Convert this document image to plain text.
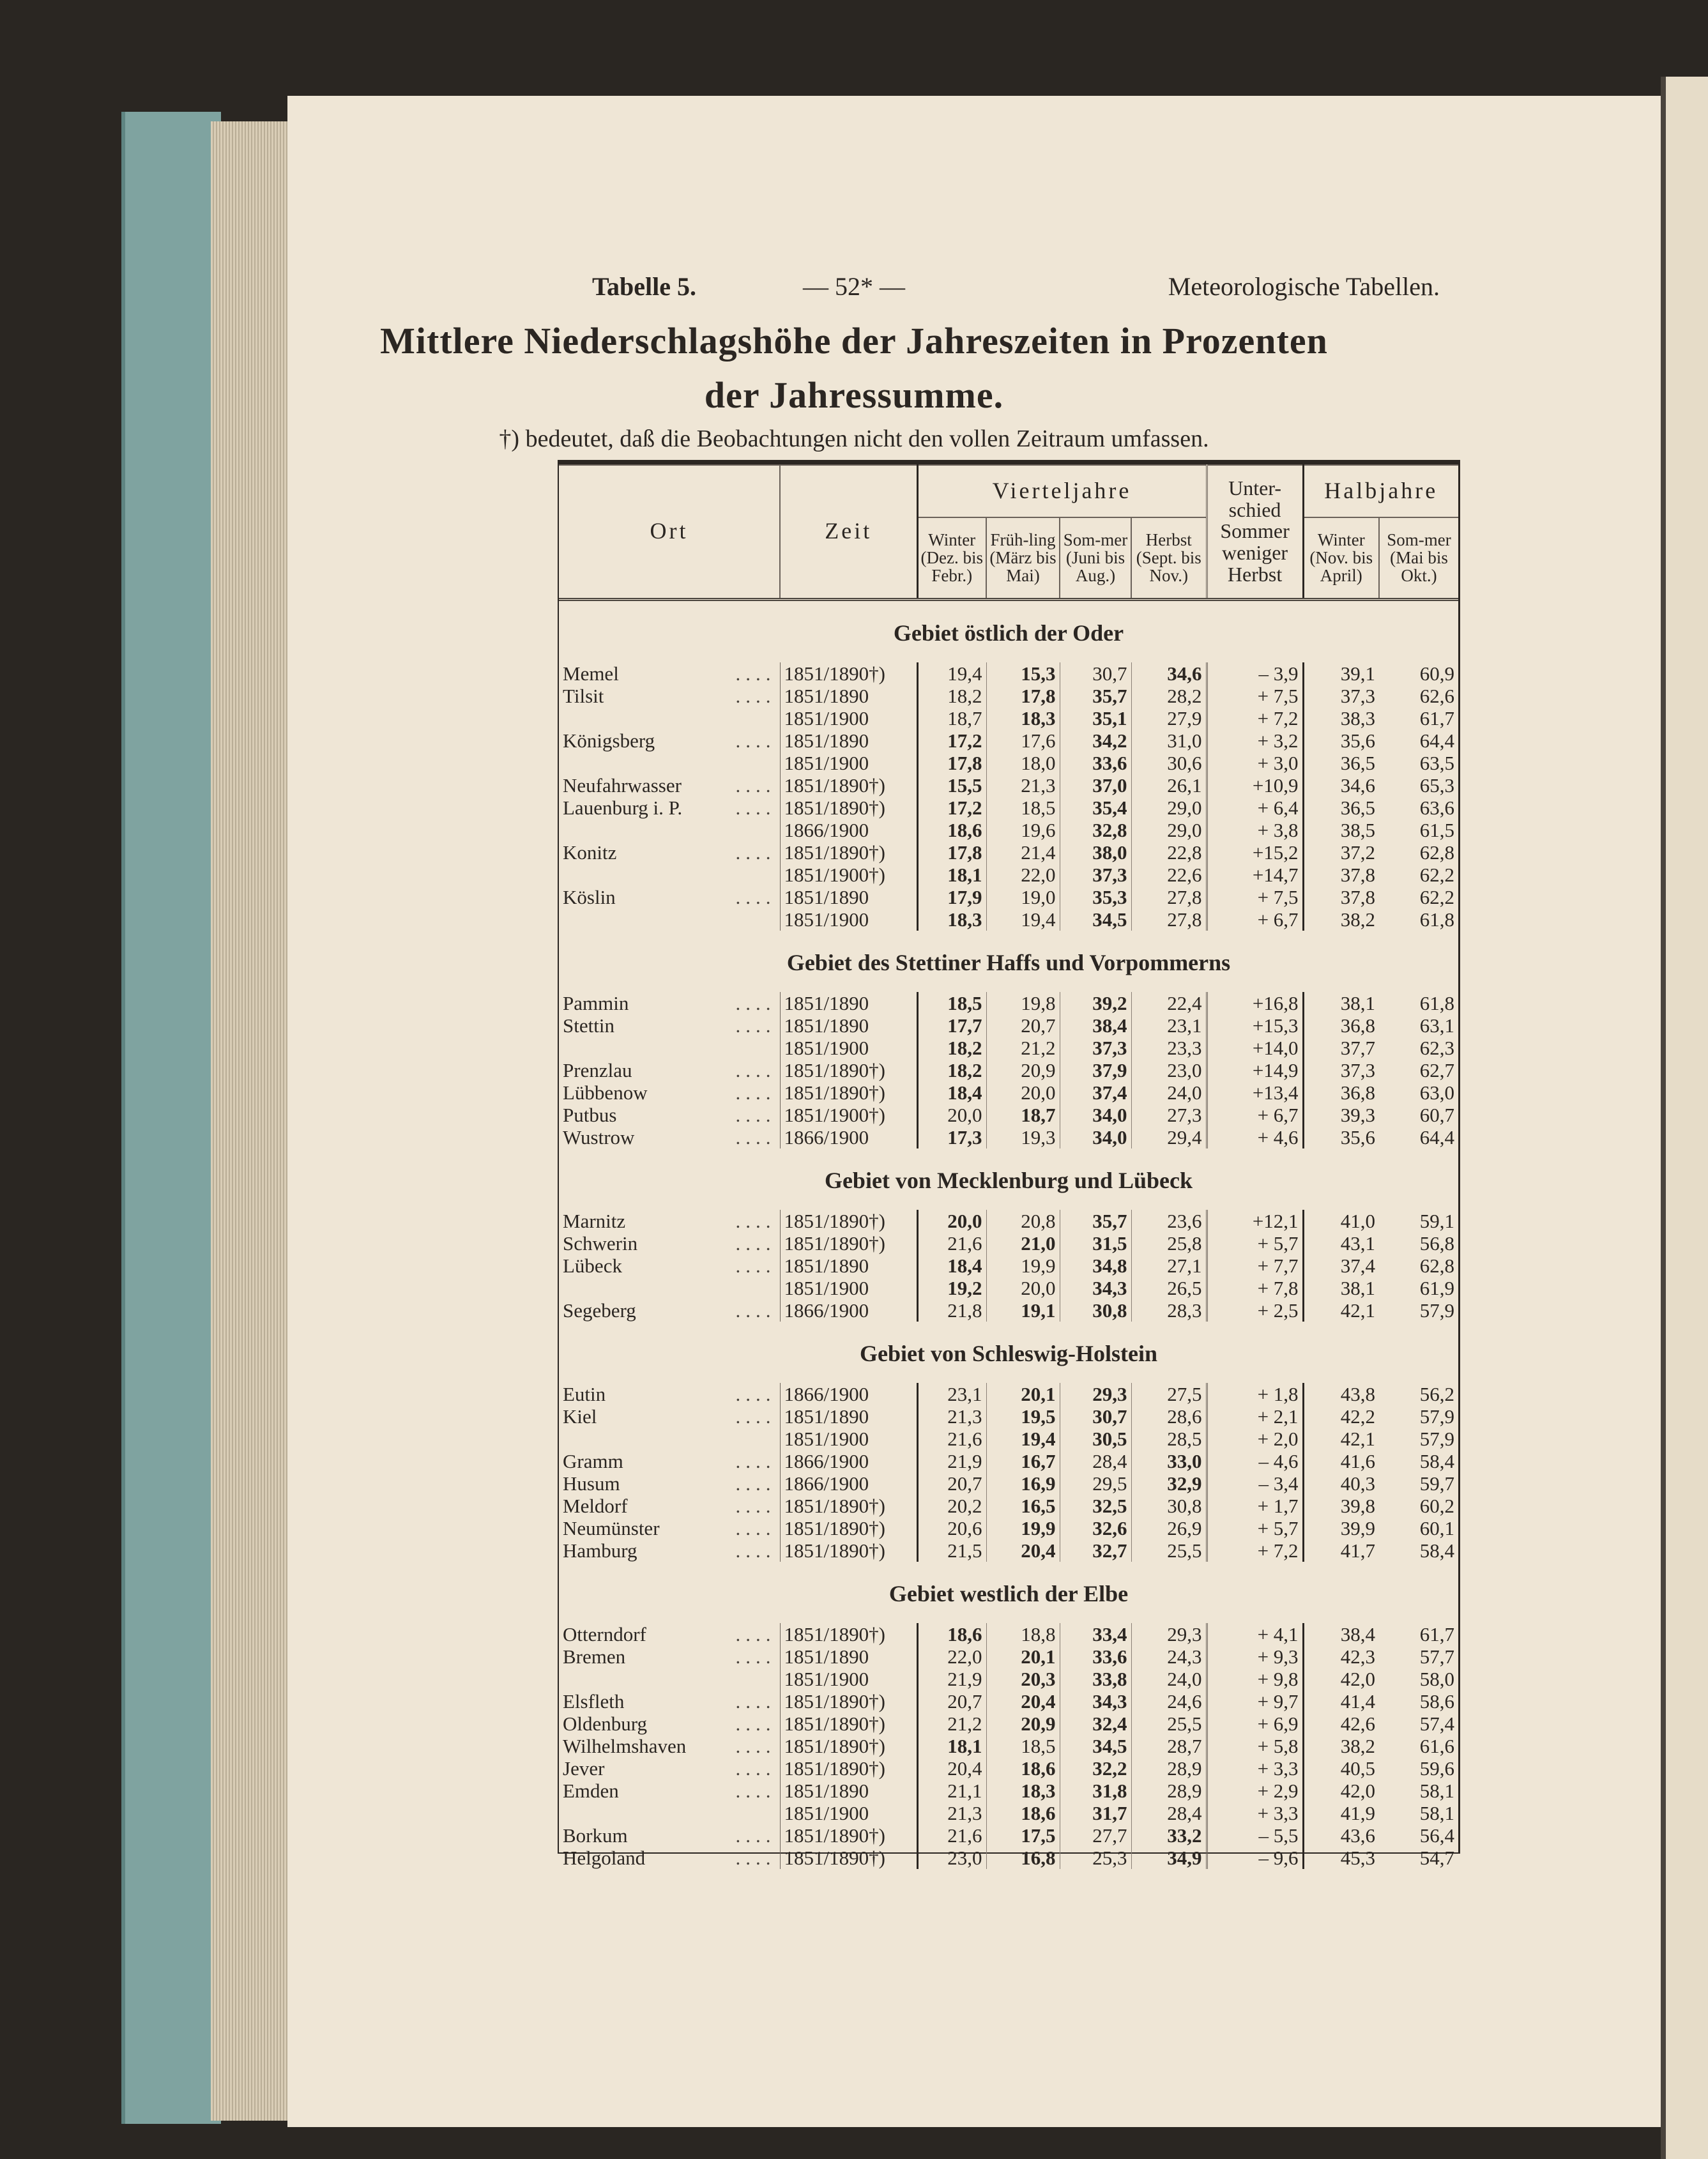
Tabelle 5.	— 52* —	Meteorologische Tabellen.
Mittlere Niederschlagshöhe der Jahreszeiten in Prozenten
der Jahressumme.
†) bedeutet, daß die Beobachtungen nicht den vollen Zeitraum umfassen.
Ort	Zeit	Vierteljahre				Unter-schied Sommer weniger Herbst	Halbjahre	
		Winter (Dez. bis Febr.)	Früh-ling (März bis Mai)	Som-mer (Juni bis Aug.)	Herbst (Sept. bis Nov.)		Winter (Nov. bis April)	Som-mer (Mai bis Okt.)
Gebiet östlich der Oder								
Memel ....	1851/1890†)	19,4	15,3	30,7	34,6	– 3,9	39,1	60,9
Tilsit ....	1851/1890	18,2	17,8	35,7	28,2	+ 7,5	37,3	62,6
	1851/1900	18,7	18,3	35,1	27,9	+ 7,2	38,3	61,7
Königsberg ....	1851/1890	17,2	17,6	34,2	31,0	+ 3,2	35,6	64,4
	1851/1900	17,8	18,0	33,6	30,6	+ 3,0	36,5	63,5
Neufahrwasser ....	1851/1890†)	15,5	21,3	37,0	26,1	+10,9	34,6	65,3
Lauenburg i. P. ....	1851/1890†)	17,2	18,5	35,4	29,0	+ 6,4	36,5	63,6
	1866/1900	18,6	19,6	32,8	29,0	+ 3,8	38,5	61,5
Konitz ....	1851/1890†)	17,8	21,4	38,0	22,8	+15,2	37,2	62,8
	1851/1900†)	18,1	22,0	37,3	22,6	+14,7	37,8	62,2
Köslin ....	1851/1890	17,9	19,0	35,3	27,8	+ 7,5	37,8	62,2
	1851/1900	18,3	19,4	34,5	27,8	+ 6,7	38,2	61,8
Gebiet des Stettiner Haffs und Vorpommerns								
Pammin ....	1851/1890	18,5	19,8	39,2	22,4	+16,8	38,1	61,8
Stettin ....	1851/1890	17,7	20,7	38,4	23,1	+15,3	36,8	63,1
	1851/1900	18,2	21,2	37,3	23,3	+14,0	37,7	62,3
Prenzlau ....	1851/1890†)	18,2	20,9	37,9	23,0	+14,9	37,3	62,7
Lübbenow ....	1851/1890†)	18,4	20,0	37,4	24,0	+13,4	36,8	63,0
Putbus ....	1851/1900†)	20,0	18,7	34,0	27,3	+ 6,7	39,3	60,7
Wustrow ....	1866/1900	17,3	19,3	34,0	29,4	+ 4,6	35,6	64,4
Gebiet von Mecklenburg und Lübeck								
Marnitz ....	1851/1890†)	20,0	20,8	35,7	23,6	+12,1	41,0	59,1
Schwerin ....	1851/1890†)	21,6	21,0	31,5	25,8	+ 5,7	43,1	56,8
Lübeck ....	1851/1890	18,4	19,9	34,8	27,1	+ 7,7	37,4	62,8
	1851/1900	19,2	20,0	34,3	26,5	+ 7,8	38,1	61,9
Segeberg ....	1866/1900	21,8	19,1	30,8	28,3	+ 2,5	42,1	57,9
Gebiet von Schleswig-Holstein								
Eutin ....	1866/1900	23,1	20,1	29,3	27,5	+ 1,8	43,8	56,2
Kiel ....	1851/1890	21,3	19,5	30,7	28,6	+ 2,1	42,2	57,9
	1851/1900	21,6	19,4	30,5	28,5	+ 2,0	42,1	57,9
Gramm ....	1866/1900	21,9	16,7	28,4	33,0	– 4,6	41,6	58,4
Husum ....	1866/1900	20,7	16,9	29,5	32,9	– 3,4	40,3	59,7
Meldorf ....	1851/1890†)	20,2	16,5	32,5	30,8	+ 1,7	39,8	60,2
Neumünster ....	1851/1890†)	20,6	19,9	32,6	26,9	+ 5,7	39,9	60,1
Hamburg ....	1851/1890†)	21,5	20,4	32,7	25,5	+ 7,2	41,7	58,4
Gebiet westlich der Elbe								
Otterndorf ....	1851/1890†)	18,6	18,8	33,4	29,3	+ 4,1	38,4	61,7
Bremen ....	1851/1890	22,0	20,1	33,6	24,3	+ 9,3	42,3	57,7
	1851/1900	21,9	20,3	33,8	24,0	+ 9,8	42,0	58,0
Elsfleth ....	1851/1890†)	20,7	20,4	34,3	24,6	+ 9,7	41,4	58,6
Oldenburg ....	1851/1890†)	21,2	20,9	32,4	25,5	+ 6,9	42,6	57,4
Wilhelmshaven ....	1851/1890†)	18,1	18,5	34,5	28,7	+ 5,8	38,2	61,6
Jever ....	1851/1890†)	20,4	18,6	32,2	28,9	+ 3,3	40,5	59,6
Emden ....	1851/1890	21,1	18,3	31,8	28,9	+ 2,9	42,0	58,1
	1851/1900	21,3	18,6	31,7	28,4	+ 3,3	41,9	58,1
Borkum ....	1851/1890†)	21,6	17,5	27,7	33,2	– 5,5	43,6	56,4
Helgoland ....	1851/1890†)	23,0	16,8	25,3	34,9	– 9,6	45,3	54,7
